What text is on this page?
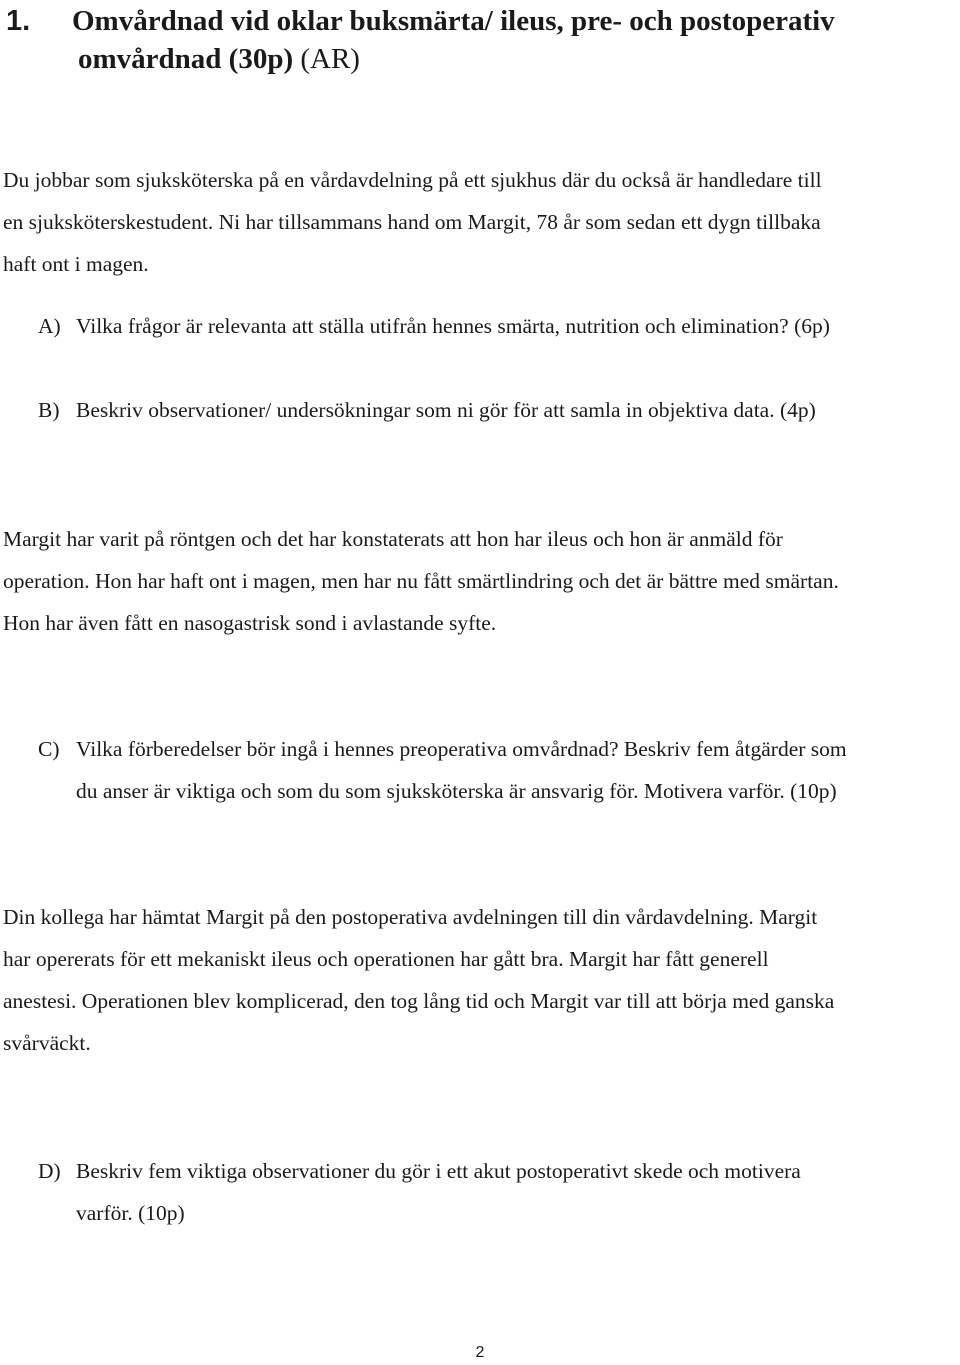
1. Omvårdnad vid oklar buksmärta/ ileus, pre- och postoperativ
omvårdnad (30p) (AR)
Du jobbar som sjuksköterska på en vårdavdelning på ett sjukhus där du också är handledare till
en sjuksköterskestudent. Ni har tillsammans hand om Margit, 78 år som sedan ett dygn tillbaka
haft ont i magen.
A) Vilka frågor är relevanta att ställa utifrån hennes smärta, nutrition och elimination? (6p)
B) Beskriv observationer/ undersökningar som ni gör för att samla in objektiva data. (4p)
Margit har varit på röntgen och det har konstaterats att hon har ileus och hon är anmäld för
operation. Hon har haft ont i magen, men har nu fått smärtlindring och det är bättre med smärtan.
Hon har även fått en nasogastrisk sond i avlastande syfte.
C) Vilka förberedelser bör ingå i hennes preoperativa omvårdnad? Beskriv fem åtgärder som
du anser är viktiga och som du som sjuksköterska är ansvarig för. Motivera varför. (10p)
Din kollega har hämtat Margit på den postoperativa avdelningen till din vårdavdelning. Margit
har opererats för ett mekaniskt ileus och operationen har gått bra. Margit har fått generell
anestesi. Operationen blev komplicerad, den tog lång tid och Margit var till att börja med ganska
svårväckt.
D) Beskriv fem viktiga observationer du gör i ett akut postoperativt skede och motivera
varför. (10p)
2
